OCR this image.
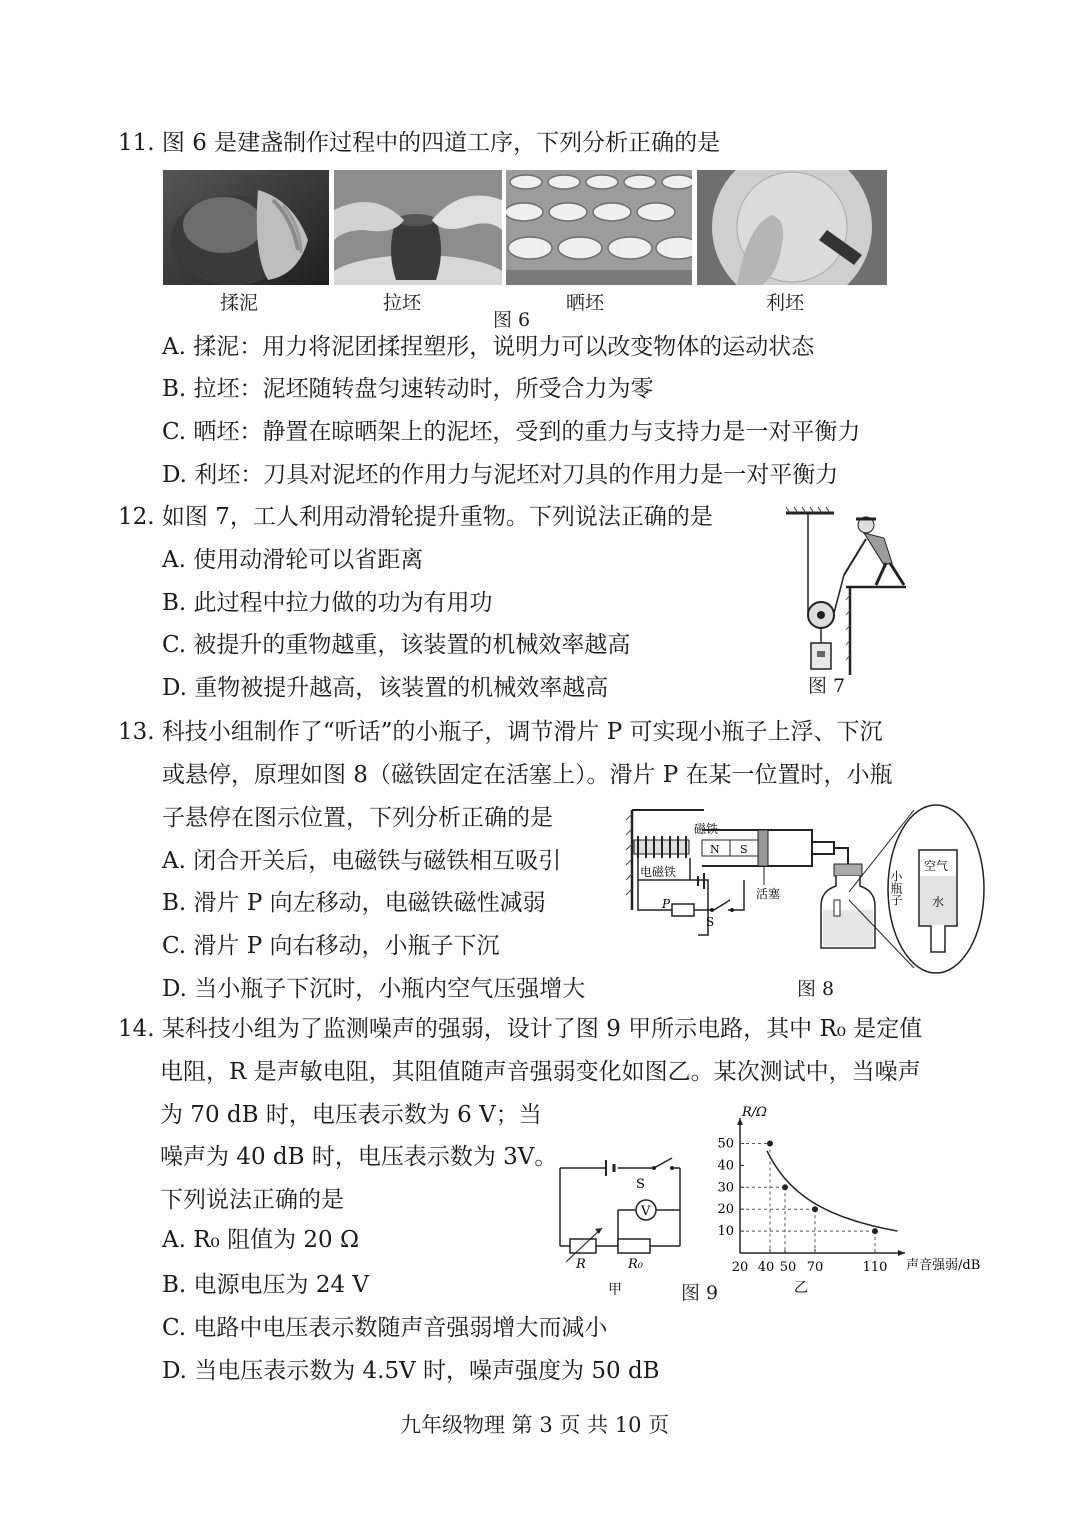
11. 图 6 是建盏制作过程中的四道工序，下列分析正确的是
揉泥	拉坯	晒坯	利坯
图 6
A. 揉泥：用力将泥团揉捏塑形，说明力可以改变物体的运动状态
B. 拉坯：泥坯随转盘匀速转动时，所受合力为零
C. 晒坯：静置在晾晒架上的泥坯，受到的重力与支持力是一对平衡力
D. 利坯：刀具对泥坯的作用力与泥坯对刀具的作用力是一对平衡力
12. 如图 7，工人利用动滑轮提升重物。下列说法正确的是
A. 使用动滑轮可以省距离
B. 此过程中拉力做的功为有用功
C. 被提升的重物越重，该装置的机械效率越高
D. 重物被提升越高，该装置的机械效率越高	图 7
13. 科技小组制作了“听话”的小瓶子，调节滑片 P 可实现小瓶子上浮、下沉
或悬停，原理如图 8（磁铁固定在活塞上）。滑片 P 在某一位置时，小瓶
子悬停在图示位置，下列分析正确的是
A. 闭合开关后，电磁铁与磁铁相互吸引
B. 滑片 P 向左移动，电磁铁磁性减弱
C. 滑片 P 向右移动，小瓶子下沉
D. 当小瓶子下沉时，小瓶内空气压强增大
N S
磁铁
活塞
电磁铁
P
S
空气
水
小瓶子
图 8
14. 某科技小组为了监测噪声的强弱，设计了图 9 甲所示电路，其中 R₀ 是定值
电阻，R 是声敏电阻，其阻值随声音强弱变化如图乙。某次测试中，当噪声
为 70 dB 时，电压表示数为 6 V；当
噪声为 40 dB 时，电压表示数为 3V。
下列说法正确的是
A. R₀ 阻值为 20 Ω
B. 电源电压为 24 V
C. 电路中电压表示数随声音强弱增大而减小
D. 当电压表示数为 4.5V 时，噪声强度为 50 dB
S
V
R	R₀
甲	图 9
R/Ω
声音强弱/dB
乙
10
20
30
40
50
20 40 50 70	110
九年级物理 第 3 页 共 10 页
